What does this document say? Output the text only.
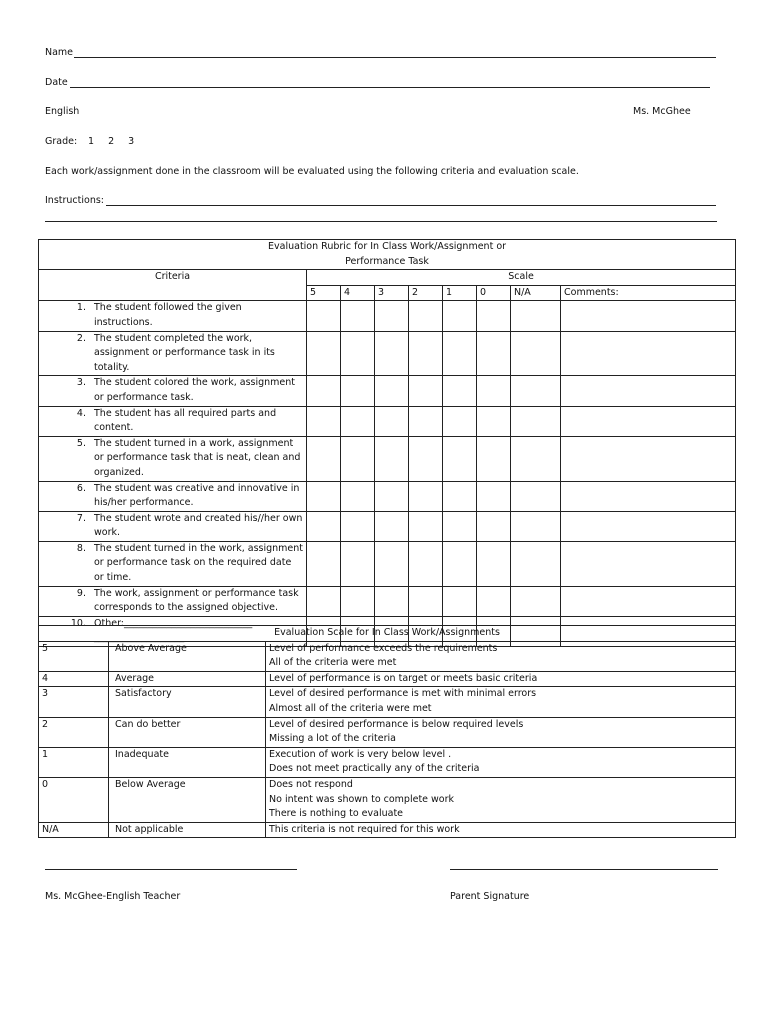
Name
Date
English	Ms. McGhee
Grade: 1  2  3
Each work/assignment done in the classroom will be evaluated using the following criteria and evaluation scale.
Instructions:
Evaluation Rubric for In Class Work/Assignment or
Performance Task								

Criteria	Scale							
	5	4	3	2	1	0	N/A	Comments:

1. The student followed the given instructions.								

2. The student completed the work, assignment or performance task in its totality.								

3. The student colored the work, assignment or performance task.								

4. The student has all required parts and content.								

5. The student turned in a work, assignment or performance task that is neat, clean and organized.								

6. The student was creative and innovative in his/her performance.								

7. The student wrote and created his//her own work.								

8. The student turned in the work, assignment or performance task on the required date or time.								

9. The work, assignment or performance task corresponds to the assigned objective.								

10. Other:___________________________
___________________								
									Evaluation Scale for In Class Work/Assignments		
5	Above Average	Level of performance exceeds the requirements
All of the criteria were met

4	Average	Level of performance is on target or meets basic criteria

3	Satisfactory	Level of desired performance is met with minimal errors
Almost all of the criteria were met

2	Can do better	Level of desired performance is below required levels
Missing a lot of the criteria

1	Inadequate	Execution of work is very below level .
Does not meet practically any of the criteria

0	Below Average	Does not respond
No intent was shown to complete work
There is nothing to evaluate

N/A	Not applicable	This criteria is not required for this work
Ms. McGhee-English Teacher	Parent Signature
